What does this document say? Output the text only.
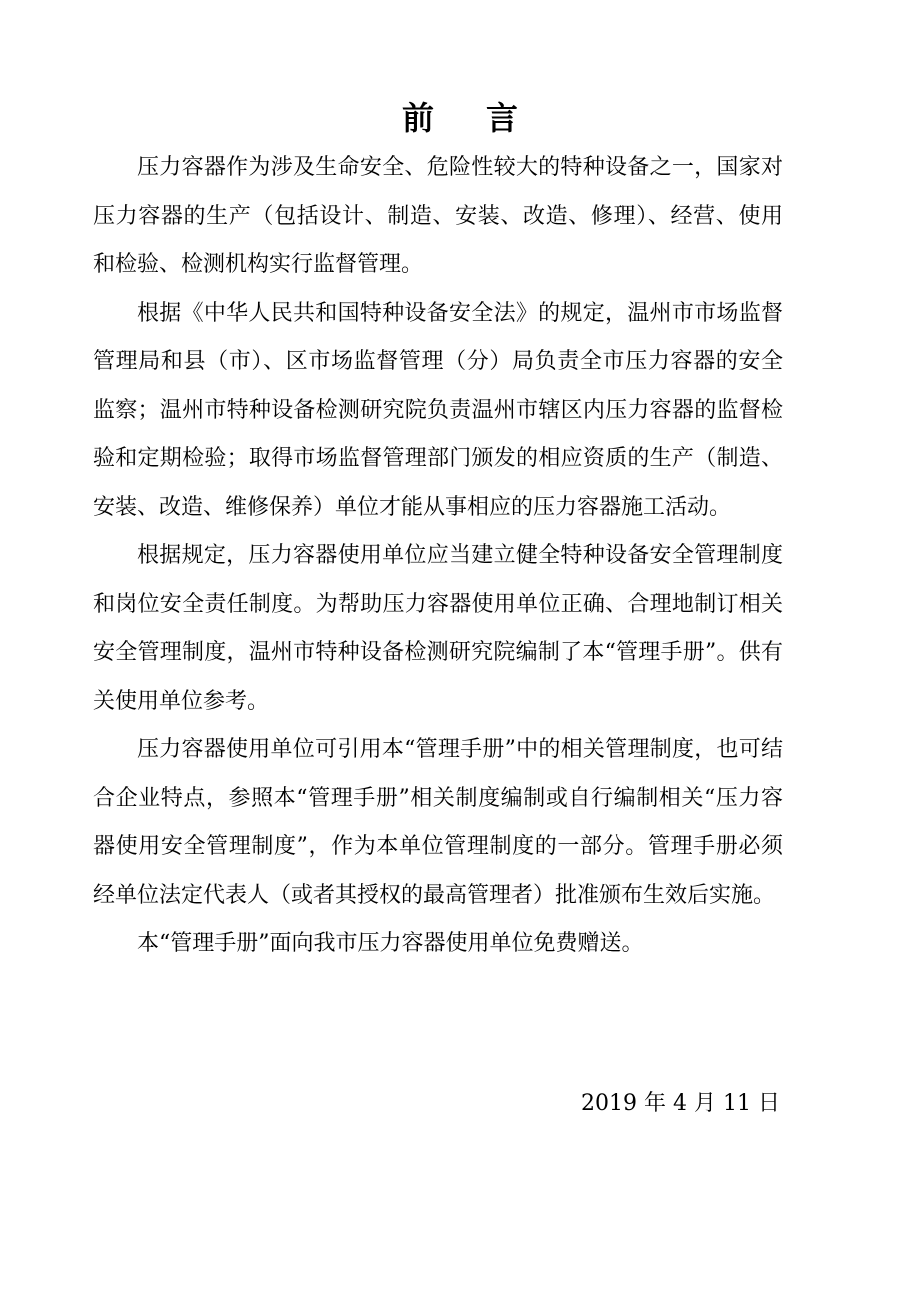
前言

压力容器作为涉及生命安全、危险性较大的特种设备之一，国家对压力容器的生产（包括设计、制造、安装、改造、修理）、经营、使用和检验、检测机构实行监督管理。

根据《中华人民共和国特种设备安全法》的规定，温州市市场监督管理局和县（市）、区市场监督管理（分）局负责全市压力容器的安全监察；温州市特种设备检测研究院负责温州市辖区内压力容器的监督检验和定期检验；取得市场监督管理部门颁发的相应资质的生产（制造、安装、改造、维修保养）单位才能从事相应的压力容器施工活动。

根据规定，压力容器使用单位应当建立健全特种设备安全管理制度和岗位安全责任制度。为帮助压力容器使用单位正确、合理地制订相关安全管理制度，温州市特种设备检测研究院编制了本“管理手册”。供有关使用单位参考。

压力容器使用单位可引用本“管理手册”中的相关管理制度，也可结合企业特点，参照本“管理手册”相关制度编制或自行编制相关“压力容器使用安全管理制度”，作为本单位管理制度的一部分。管理手册必须经单位法定代表人（或者其授权的最高管理者）批准颁布生效后实施。

本“管理手册”面向我市压力容器使用单位免费赠送。

2019 年 4 月 11 日
